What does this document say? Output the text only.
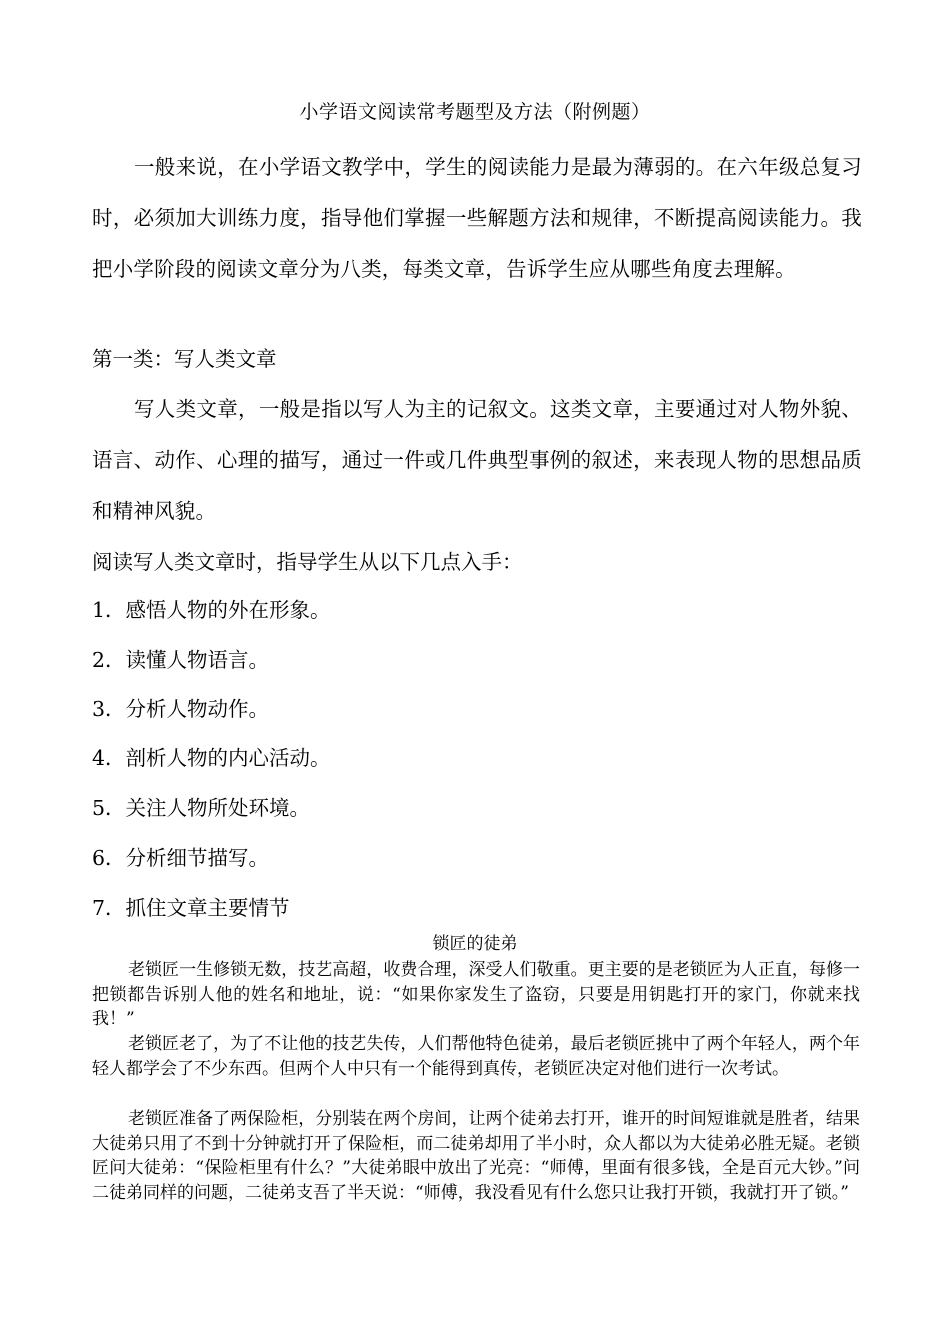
小学语文阅读常考题型及方法（附例题）
一般来说，在小学语文教学中，学生的阅读能力是最为薄弱的。在六年级总复习时，必须加大训练力度，指导他们掌握一些解题方法和规律，不断提高阅读能力。我把小学阶段的阅读文章分为八类，每类文章，告诉学生应从哪些角度去理解。
第一类：写人类文章
写人类文章，一般是指以写人为主的记叙文。这类文章，主要通过对人物外貌、语言、动作、心理的描写，通过一件或几件典型事例的叙述，来表现人物的思想品质和精神风貌。
阅读写人类文章时，指导学生从以下几点入手：
1．感悟人物的外在形象。
2．读懂人物语言。
3．分析人物动作。
4．剖析人物的内心活动。
5．关注人物所处环境。
6．分析细节描写。
7．抓住文章主要情节
锁匠的徒弟
老锁匠一生修锁无数，技艺高超，收费合理，深受人们敬重。更主要的是老锁匠为人正直，每修一把锁都告诉别人他的姓名和地址，说：“如果你家发生了盗窃，只要是用钥匙打开的家门，你就来找我！”
老锁匠老了，为了不让他的技艺失传，人们帮他特色徒弟，最后老锁匠挑中了两个年轻人，两个年轻人都学会了不少东西。但两个人中只有一个能得到真传，老锁匠决定对他们进行一次考试。
老锁匠准备了两保险柜，分别装在两个房间，让两个徒弟去打开，谁开的时间短谁就是胜者，结果大徒弟只用了不到十分钟就打开了保险柜，而二徒弟却用了半小时，众人都以为大徒弟必胜无疑。老锁匠问大徒弟：“保险柜里有什么？”大徒弟眼中放出了光亮：“师傅，里面有很多钱，全是百元大钞。”问二徒弟同样的问题，二徒弟支吾了半天说：“师傅，我没看见有什么您只让我打开锁，我就打开了锁。”
